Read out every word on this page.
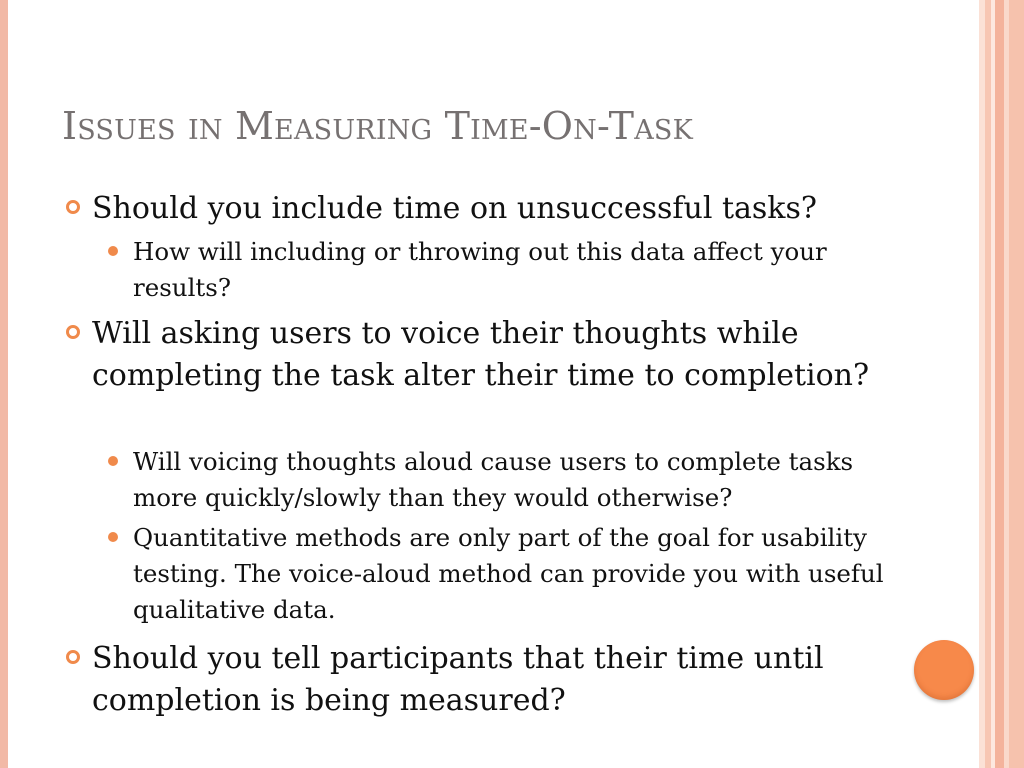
Issues in Measuring Time-On-Task
Should you include time on unsuccessful tasks?
How will including or throwing out this data affect your results?
Will asking users to voice their thoughts while completing the task alter their time to completion?
Will voicing thoughts aloud cause users to complete tasks more quickly/slowly than they would otherwise?
Quantitative methods are only part of the goal for usability testing. The voice-aloud method can provide you with useful qualitative data.
Should you tell participants that their time until completion is being measured?
